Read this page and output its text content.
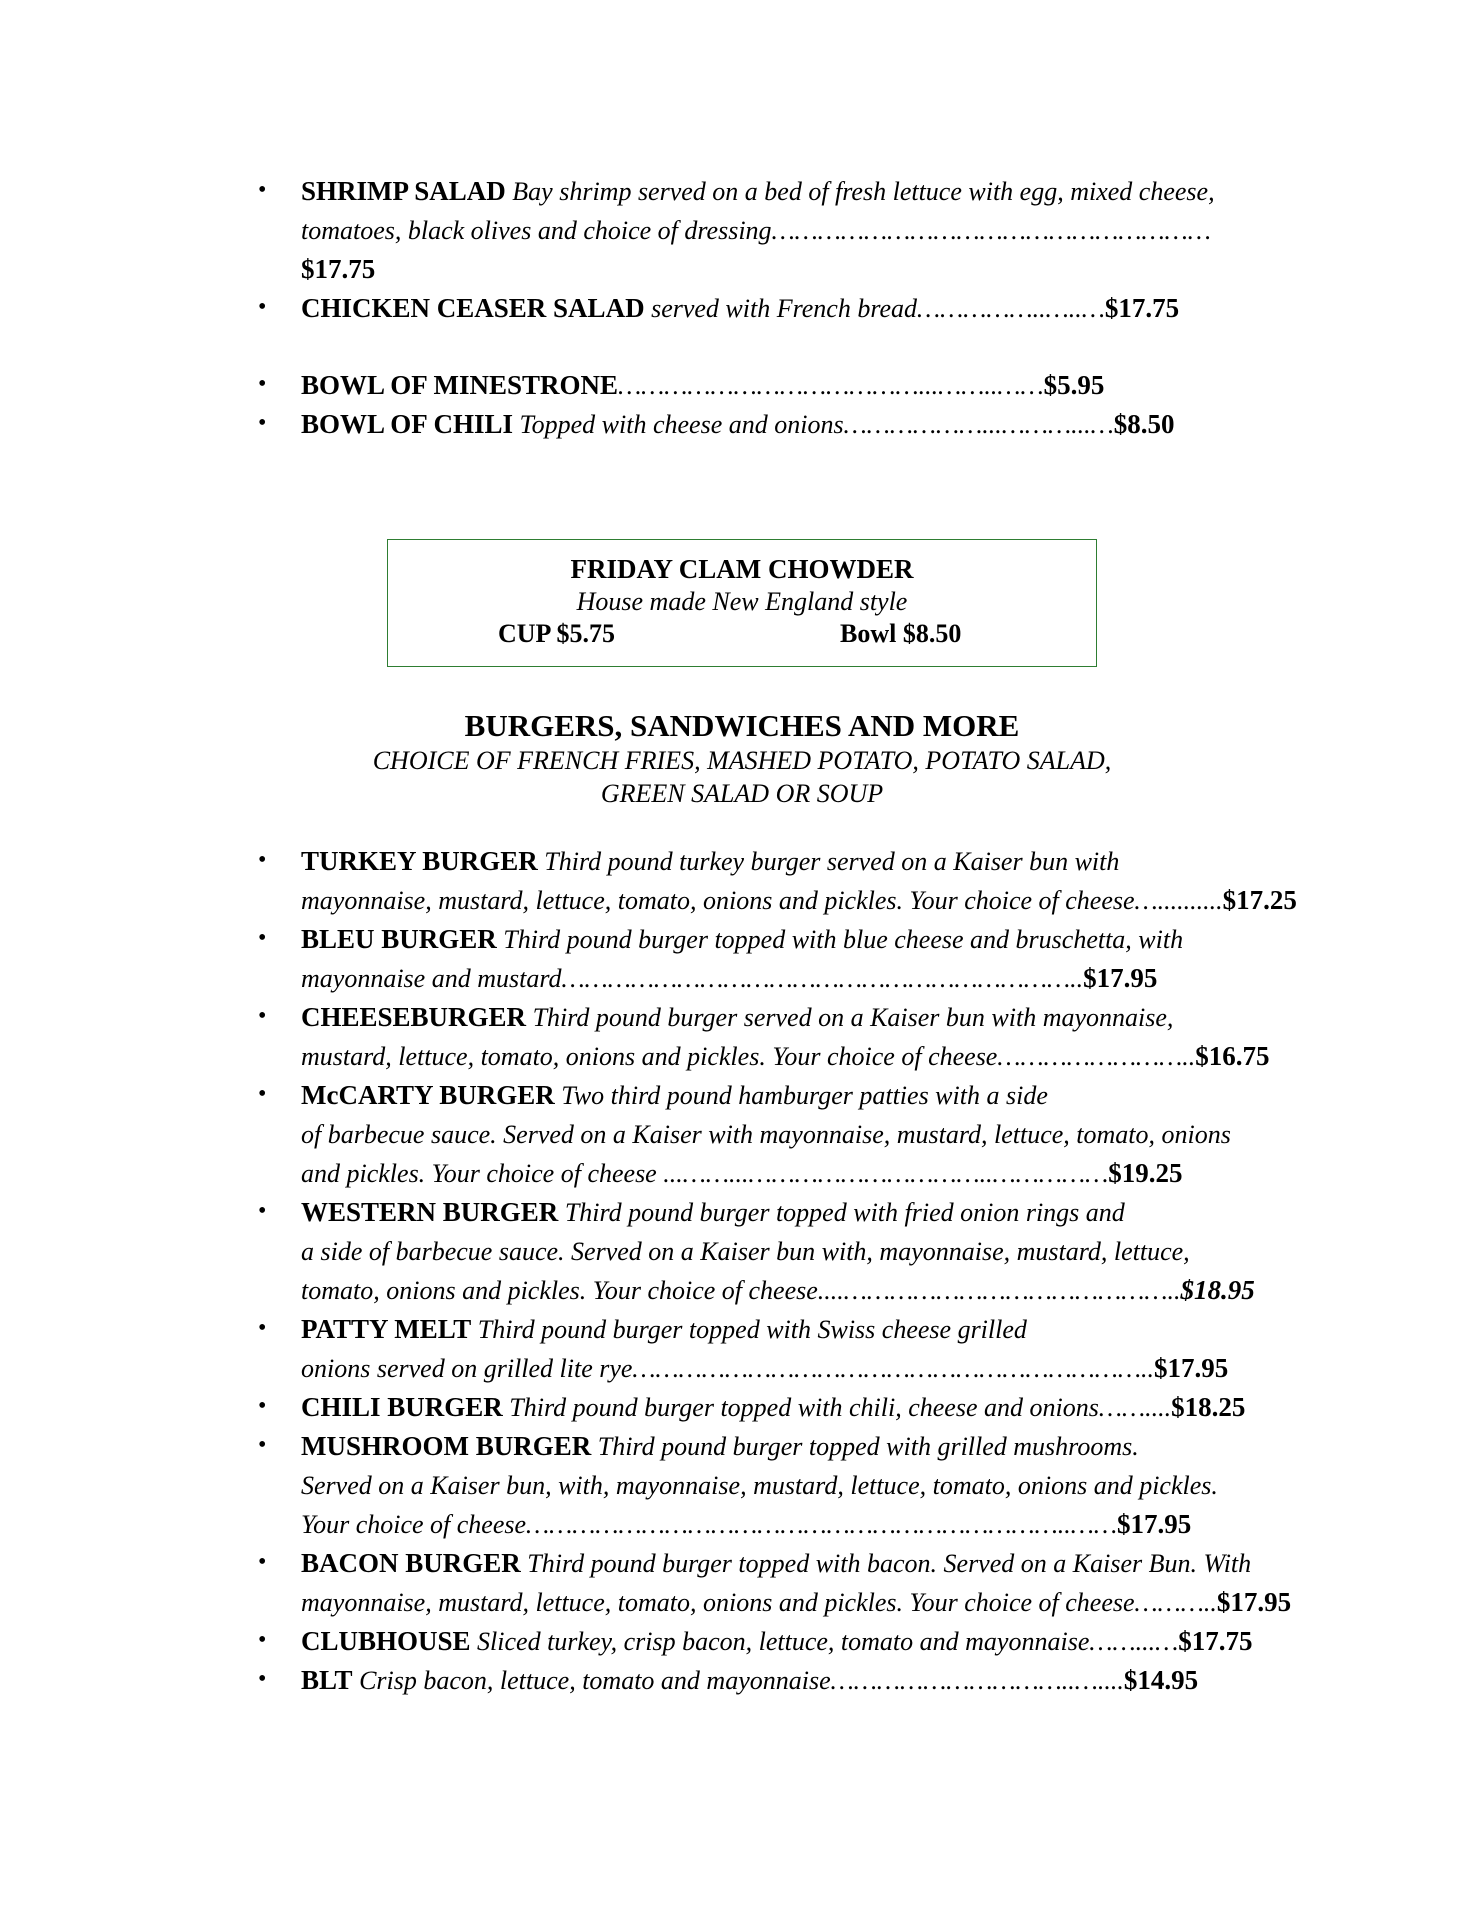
• SHRIMP SALAD Bay shrimp served on a bed of fresh lettuce with egg, mixed cheese,
tomatoes, black olives and choice of dressing…………………………………………………
$17.75
• CHICKEN CEASER SALAD served with French bread……………..…..…$17.75
• BOWL OF MINESTRONE…………………………………...……..……$5.95
• BOWL OF CHILI Topped with cheese and onions………………...………...…$8.50
FRIDAY CLAM CHOWDER
House made New England style
CUP $5.75	Bowl $8.50
BURGERS, SANDWICHES AND MORE
CHOICE OF FRENCH FRIES, MASHED POTATO, POTATO SALAD,
GREEN SALAD OR SOUP
• TURKEY BURGER Third pound turkey burger served on a Kaiser bun with
mayonnaise, mustard, lettuce, tomato, onions and pickles. Your choice of cheese…..........$17.25
• BLEU BURGER Third pound burger topped with blue cheese and bruschetta, with
mayonnaise and mustard…………………………………………………………..$17.95
• CHEESEBURGER Third pound burger served on a Kaiser bun with mayonnaise,
mustard, lettuce, tomato, onions and pickles. Your choice of cheese……………………..$16.75
• McCARTY BURGER Two third pound hamburger patties with a side
of barbecue sauce. Served on a Kaiser with mayonnaise, mustard, lettuce, tomato, onions
and pickles. Your choice of cheese ...……...…………………………..……………$19.25
• WESTERN BURGER Third pound burger topped with fried onion rings and
a side of barbecue sauce. Served on a Kaiser bun with, mayonnaise, mustard, lettuce,
tomato, onions and pickles. Your choice of cheese....……………………………………..$18.95
• PATTY MELT Third pound burger topped with Swiss cheese grilled
onions served on grilled lite rye…………………………………………………………..$17.95
• CHILI BURGER Third pound burger topped with chili, cheese and onions……....$18.25
• MUSHROOM BURGER Third pound burger topped with grilled mushrooms.
Served on a Kaiser bun, with, mayonnaise, mustard, lettuce, tomato, onions and pickles.
Your choice of cheese……………………………………………………………..……$17.95
• BACON BURGER Third pound burger topped with bacon. Served on a Kaiser Bun. With
mayonnaise, mustard, lettuce, tomato, onions and pickles. Your choice of cheese………..$17.95
• CLUBHOUSE Sliced turkey, crisp bacon, lettuce, tomato and mayonnaise……...…$17.75
• BLT Crisp bacon, lettuce, tomato and mayonnaise…………………………..…....$14.95
